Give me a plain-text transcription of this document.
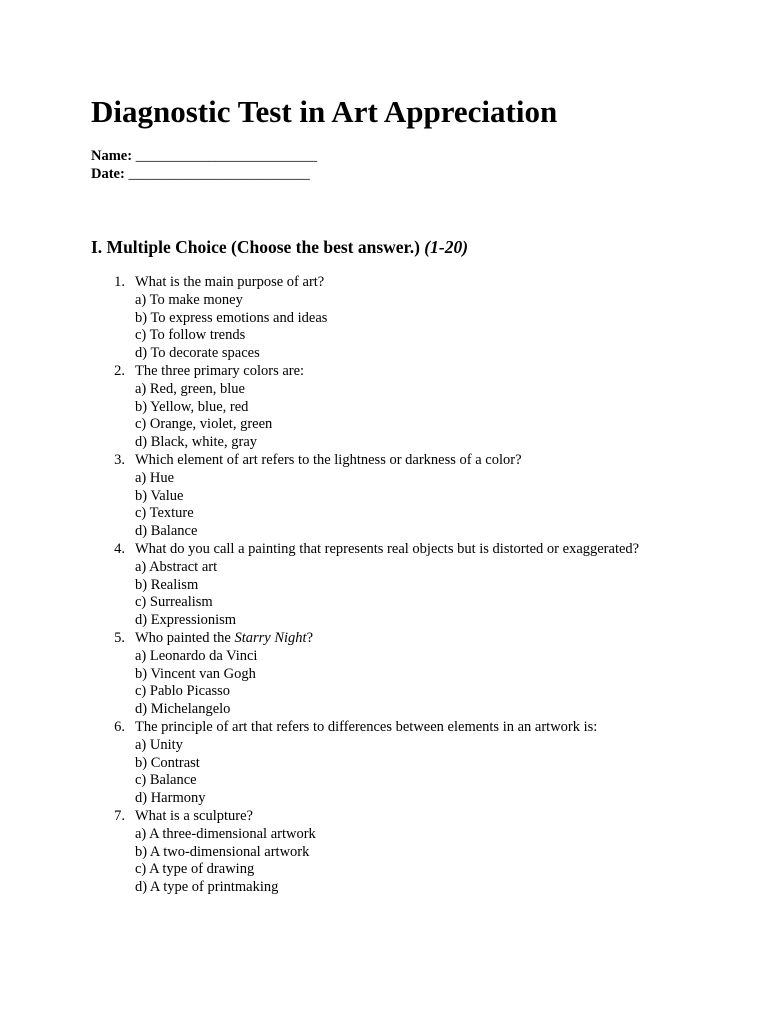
Diagnostic Test in Art Appreciation
Name: _________________________
Date: _________________________
I. Multiple Choice (Choose the best answer.) (1-20)
1. What is the main purpose of art?
a) To make money
b) To express emotions and ideas
c) To follow trends
d) To decorate spaces
2. The three primary colors are:
a) Red, green, blue
b) Yellow, blue, red
c) Orange, violet, green
d) Black, white, gray
3. Which element of art refers to the lightness or darkness of a color?
a) Hue
b) Value
c) Texture
d) Balance
4. What do you call a painting that represents real objects but is distorted or exaggerated?
a) Abstract art
b) Realism
c) Surrealism
d) Expressionism
5. Who painted the Starry Night?
a) Leonardo da Vinci
b) Vincent van Gogh
c) Pablo Picasso
d) Michelangelo
6. The principle of art that refers to differences between elements in an artwork is:
a) Unity
b) Contrast
c) Balance
d) Harmony
7. What is a sculpture?
a) A three-dimensional artwork
b) A two-dimensional artwork
c) A type of drawing
d) A type of printmaking
